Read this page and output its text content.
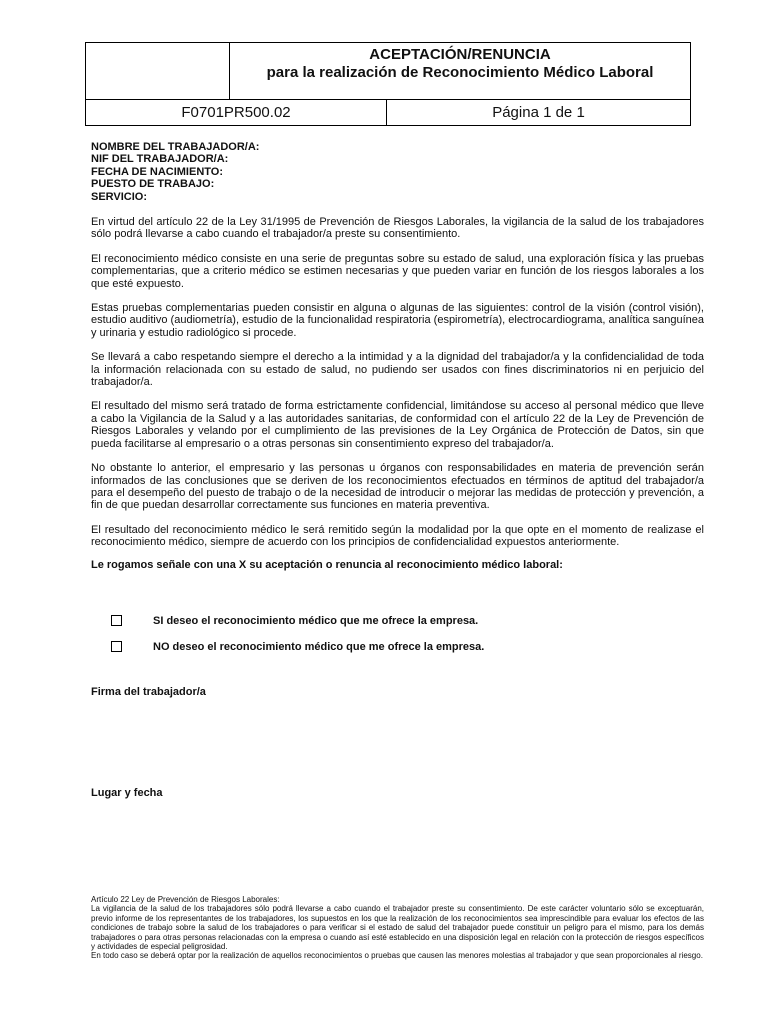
ACEPTACIÓN/RENUNCIA
para la realización de Reconocimiento Médico Laboral
F0701PR500.02	Página 1 de 1
NOMBRE DEL TRABAJADOR/A:
NIF DEL TRABAJADOR/A:
FECHA DE NACIMIENTO:
PUESTO DE TRABAJO:
SERVICIO:

En virtud del artículo 22 de la Ley 31/1995 de Prevención de Riesgos Laborales, la vigilancia de la salud de los trabajadores sólo podrá llevarse a cabo cuando el trabajador/a preste su consentimiento.

El reconocimiento médico consiste en una serie de preguntas sobre su estado de salud, una exploración física y las pruebas complementarias, que a criterio médico se estimen necesarias y que pueden variar en función de los riesgos laborales a los que esté expuesto.

Estas pruebas complementarias pueden consistir en alguna o algunas de las siguientes: control de la visión (control visión), estudio auditivo (audiometría), estudio de la funcionalidad respiratoria (espirometría), electrocardiograma, analítica sanguínea y urinaria y estudio radiológico si procede.

Se llevará a cabo respetando siempre el derecho a la intimidad y a la dignidad del trabajador/a y la confidencialidad de toda la información relacionada con su estado de salud, no pudiendo ser usados con fines discriminatorios ni en perjuicio del trabajador/a.

El resultado del mismo será tratado de forma estrictamente confidencial, limitándose su acceso al personal médico que lleve a cabo la Vigilancia de la Salud y a las autoridades sanitarias, de conformidad con el artículo 22 de la Ley de Prevención de Riesgos Laborales y velando por el cumplimiento de las previsiones de la Ley Orgánica de Protección de Datos, sin que pueda facilitarse al empresario o a otras personas sin consentimiento expreso del trabajador/a.

No obstante lo anterior, el empresario y las personas u órganos con responsabilidades en materia de prevención serán informados de las conclusiones que se deriven de los reconocimientos efectuados en términos de aptitud del trabajador/a para el desempeño del puesto de trabajo o de la necesidad de introducir o mejorar las medidas de protección y prevención, a fin de que puedan desarrollar correctamente sus funciones en materia preventiva.

El resultado del reconocimiento médico le será remitido según la modalidad por la que opte en el momento de realizase el reconocimiento médico, siempre de acuerdo con los principios de confidencialidad expuestos anteriormente.

Le rogamos señale con una X su aceptación o renuncia al reconocimiento médico laboral:

SI deseo el reconocimiento médico que me ofrece la empresa.
NO deseo el reconocimiento médico que me ofrece la empresa.
Firma del trabajador/a
Lugar y fecha
Artículo 22 Ley de Prevención de Riesgos Laborales:
La vigilancia de la salud de los trabajadores sólo podrá llevarse a cabo cuando el trabajador preste su consentimiento. De este carácter voluntario sólo se exceptuarán, previo informe de los representantes de los trabajadores, los supuestos en los que la realización de los reconocimientos sea imprescindible para evaluar los efectos de las condiciones de trabajo sobre la salud de los trabajadores o para verificar si el estado de salud del trabajador puede constituir un peligro para el mismo, para los demás trabajadores o para otras personas relacionadas con la empresa o cuando así esté establecido en una disposición legal en relación con la protección de riesgos específicos y actividades de especial peligrosidad.
En todo caso se deberá optar por la realización de aquellos reconocimientos o pruebas que causen las menores molestias al trabajador y que sean proporcionales al riesgo.
